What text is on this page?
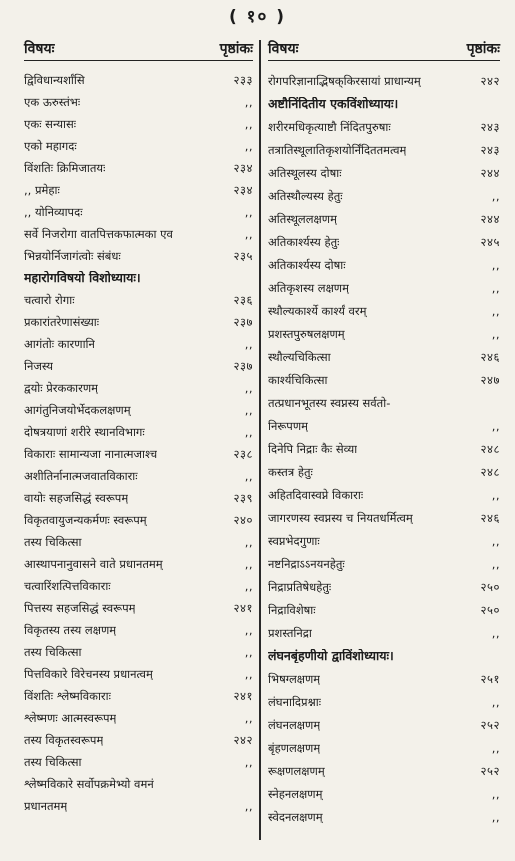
( १० )
विषयः	पृष्ठांकः
द्विविधान्यर्शांसि	२३३
एक ऊरुस्तंभः	,,
एकः सन्यासः	,,
एको महागदः	,,
विंशतिः क्रिमिजातयः	२३४
,, प्रमेहाः	२३४
,, योनिव्यापदः	,,
सर्वे निजरोगा वातपित्तकफात्मका एव	,,
भिन्नयोर्निजागंत्वोः संबंधः	२३५
महारोगविषयो विशोध्यायः।
चत्वारो रोगाः	२३६
प्रकारांतरेणासंख्याः	२३७
आगंतोः कारणानि	,,
निजस्य	२३७
द्वयोः प्रेरककारणम्	,,
आगंतुनिजयोर्भेदकलक्षणम्	,,
दोषत्रयाणां शरीरे स्थानविभागः	,,
विकाराः सामान्यजा नानात्मजाश्च	२३८
अशीतिर्नानात्मजवातविकाराः	,,
वायोः सहजसिद्धं स्वरूपम्	२३९
विकृतवायुजन्यकर्मणः स्वरूपम्	२४०
तस्य चिकित्सा	,,
आस्थापनानुवासने वाते प्रधानतमम्	,,
चत्वारिंशत्पित्तविकाराः	,,
पित्तस्य सहजसिद्धं स्वरूपम्	२४१
विकृतस्य तस्य लक्षणम्	,,
तस्य चिकित्सा	,,
पित्तविकारे विरेचनस्य प्रधानत्वम्	,,
विंशतिः श्लेष्मविकाराः	२४१
श्लेष्मणः आत्मस्वरूपम्	,,
तस्य विकृतस्वरूपम्	२४२
तस्य चिकित्सा	,,
श्लेष्मविकारे सर्वोपक्रमेभ्यो वमनं
प्रधानतमम्	,,
विषयः	पृष्ठांकः
रोगपरिज्ञानाद्भिषक्‌किरसायां प्राधान्यम्	२४२
अष्टौनिंदितीय एकविंशोध्यायः।
शरीरमधिकृत्याष्टौ निंदितपुरुषाः	२४३
तत्रातिस्थूलातिकृशयोर्निंदिततमत्वम्	२४३
अतिस्थूलस्य दोषाः	२४४
अतिस्थौल्यस्य हेतुः	,,
अतिस्थूललक्षणम्	२४४
अतिकार्श्यस्य हेतुः	२४५
अतिकार्श्यस्य दोषाः	,,
अतिकृशस्य लक्षणम्	,,
स्थौल्यकार्श्ये कार्श्यं वरम्	,,
प्रशस्तपुरुषलक्षणम्	,,
स्थौल्यचिकित्सा	२४६
कार्श्यचिकित्सा	२४७
तत्प्रधानभूतस्य स्वप्नस्य सर्वतो-
निरूपणम्	,,
दिनेपि निद्राः कैः सेव्या	२४८
कस्तत्र हेतुः	२४८
अहितदिवास्वप्ने विकाराः	,,
जागरणस्य स्वप्नस्य च नियतधर्मित्वम्	२४६
स्वप्नभेदगुणाः	,,
नष्टनिद्राऽऽनयनहेतुः	,,
निद्राप्रतिषेधहेतुः	२५०
निद्राविशेषाः	२५०
प्रशस्तनिद्रा	,,
लंघनबृंहणीयो द्वाविंशोध्यायः।
भिषग्लक्षणम्	२५१
लंघनादिप्रश्नाः	,,
लंघनलक्षणम्	२५२
बृंहणलक्षणम्	,,
रूक्षणलक्षणम्	२५२
स्नेहनलक्षणम्	,,
स्वेदनलक्षणम्	,,
